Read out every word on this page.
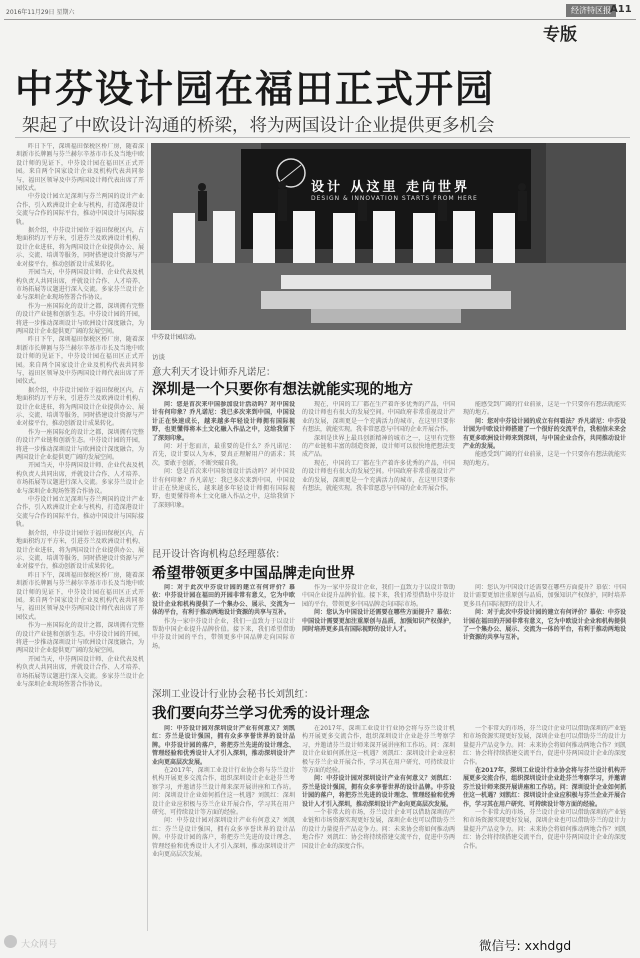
2016年11月29日 星期六	经济特区报 A11
专版
中芬设计园在福田正式开园
架起了中欧设计沟通的桥梁，将为两国设计企业提供更多机会

昨日下午，深圳福田保税区桥厂房，随着深圳新市长牌匾与芬兰赫尔辛基市市长及当地中欧设计师的见证下，中芬设计园在福田区正式开园。来自两个国家设计企业及机构代表共同参与，福田区领导及中芬两国设计师代表出席了开园仪式。

中芬设计园立足深圳与芬兰两国的设计产业合作，引入欧洲设计企业与机构，打造深港设计交流与合作的国际平台，推动中国设计与国际接轨。

据介绍，中芬设计园位于福田保税区内，占地面积约万平方米，引进芬兰及欧洲设计机构、设计企业进驻，将为两国设计企业提供办公、展示、交流、培训等服务，同时搭建设计资源与产业对接平台，推动创新设计成果转化。

开园当天，中芬两国设计师、企业代表及机构负责人共同出席，并就设计合作、人才培养、市场拓展等议题进行深入交流。多家芬兰设计企业与深圳企业现场签署合作协议。

作为一座国际化的设计之都，深圳拥有完整的设计产业链和创新生态。中芬设计园的开园，将进一步推动深圳设计与欧洲设计深度融合，为两国设计企业提供更广阔的发展空间。

昨日下午，深圳福田保税区桥厂房，随着深圳新市长牌匾与芬兰赫尔辛基市市长及当地中欧设计师的见证下，中芬设计园在福田区正式开园。来自两个国家设计企业及机构代表共同参与，福田区领导及中芬两国设计师代表出席了开园仪式。

据介绍，中芬设计园位于福田保税区内，占地面积约万平方米，引进芬兰及欧洲设计机构、设计企业进驻，将为两国设计企业提供办公、展示、交流、培训等服务，同时搭建设计资源与产业对接平台，推动创新设计成果转化。

作为一座国际化的设计之都，深圳拥有完整的设计产业链和创新生态。中芬设计园的开园，将进一步推动深圳设计与欧洲设计深度融合，为两国设计企业提供更广阔的发展空间。

开园当天，中芬两国设计师、企业代表及机构负责人共同出席，并就设计合作、人才培养、市场拓展等议题进行深入交流。多家芬兰设计企业与深圳企业现场签署合作协议。

中芬设计园立足深圳与芬兰两国的设计产业合作，引入欧洲设计企业与机构，打造深港设计交流与合作的国际平台，推动中国设计与国际接轨。

据介绍，中芬设计园位于福田保税区内，占地面积约万平方米，引进芬兰及欧洲设计机构、设计企业进驻，将为两国设计企业提供办公、展示、交流、培训等服务，同时搭建设计资源与产业对接平台，推动创新设计成果转化。

昨日下午，深圳福田保税区桥厂房，随着深圳新市长牌匾与芬兰赫尔辛基市市长及当地中欧设计师的见证下，中芬设计园在福田区正式开园。来自两个国家设计企业及机构代表共同参与，福田区领导及中芬两国设计师代表出席了开园仪式。

作为一座国际化的设计之都，深圳拥有完整的设计产业链和创新生态。中芬设计园的开园，将进一步推动深圳设计与欧洲设计深度融合，为两国设计企业提供更广阔的发展空间。

开园当天，中芬两国设计师、企业代表及机构负责人共同出席，并就设计合作、人才培养、市场拓展等议题进行深入交流。多家芬兰设计企业与深圳企业现场签署合作协议。

设计 从这里 走向世界
DESIGN & INNOVATION STARTS FROM HERE
中芬设计园启动。
访谈
意大利天才设计师乔凡诺尼：
深圳是一个只要你有想法就能实现的地方

问：您是首次来中国参加设计活动吗？对中国设计有何印象？乔凡诺尼：我已多次来到中国，中国设计正在快速成长，越来越多年轻设计师拥有国际视野，也更懂得将本土文化融入作品之中，这给我留下了深刻印象。

问：对于您而言，最重要的是什么？乔凡诺尼：首先，设计要以人为本，要真正理解用户的需求；其次，要敢于创新，不断突破自我。

问：您是首次来中国参加设计活动吗？对中国设计有何印象？乔凡诺尼：我已多次来到中国，中国设计正在快速成长，越来越多年轻设计师拥有国际视野，也更懂得将本土文化融入作品之中，这给我留下了深刻印象。

现在，中国的工厂都在生产着许多优秀的产品，中国的设计师也有很大的发展空间。中国政府非常重视设计产业的发展，深圳更是一个充满活力的城市，在这里只要你有想法，就能实现。我非常愿意与中国的企业开展合作。

深圳是世界上最具创新精神的城市之一，这里有完整的产业链和丰富的制造资源，设计师可以很快地把想法变成产品。

现在，中国的工厂都在生产着许多优秀的产品，中国的设计师也有很大的发展空间。中国政府非常重视设计产业的发展，深圳更是一个充满活力的城市，在这里只要你有想法，就能实现。我非常愿意与中国的企业开展合作。

能感受到广阔的行业前景，这是一个只要你有想法就能实现的地方。

问：您对中芬设计园的成立有何看法？乔凡诺尼：中芬设计园为中欧设计师搭建了一个很好的交流平台，我相信未来会有更多欧洲设计师来到深圳，与中国企业合作，共同推动设计产业的发展。

能感受到广阔的行业前景，这是一个只要你有想法就能实现的地方。

昆开设计咨询机构总经理慕依：
希望带领更多中国品牌走向世界

问：对于此次中芬设计园的建立有何评价？慕依：中芬设计园在福田的开园非常有意义，它为中欧设计企业和机构提供了一个集办公、展示、交流为一体的平台，有利于推动两地设计资源的共享与互补。

作为一家中芬设计企业，我们一直致力于以设计帮助中国企业提升品牌价值。接下来，我们希望借助中芬设计园的平台，带领更多中国品牌走向国际市场。

作为一家中芬设计企业，我们一直致力于以设计帮助中国企业提升品牌价值。接下来，我们希望借助中芬设计园的平台，带领更多中国品牌走向国际市场。

问：您认为中国设计还需要在哪些方面提升？慕依：中国设计需要更加注重原创与品质，加强知识产权保护，同时培养更多具有国际视野的设计人才。

问：您认为中国设计还需要在哪些方面提升？慕依：中国设计需要更加注重原创与品质，加强知识产权保护，同时培养更多具有国际视野的设计人才。

问：对于此次中芬设计园的建立有何评价？慕依：中芬设计园在福田的开园非常有意义，它为中欧设计企业和机构提供了一个集办公、展示、交流为一体的平台，有利于推动两地设计资源的共享与互补。

深圳工业设计行业协会秘书长刘凯红：
我们要向芬兰学习优秀的设计理念

问：中芬设计园对深圳设计产业有何意义？刘凯红：芬兰是设计强国，拥有众多享誉世界的设计品牌。中芬设计园的落户，将把芬兰先进的设计理念、管理经验和优秀设计人才引入深圳，推动深圳设计产业向更高层次发展。

在2017年，深圳工业设计行业协会将与芬兰设计机构开展更多交流合作，组织深圳设计企业赴芬兰考察学习，并邀请芬兰设计师来深开展讲座和工作坊。问：深圳设计企业如何抓住这一机遇？刘凯红：深圳设计企业应积极与芬兰企业开展合作，学习其在用户研究、可持续设计等方面的经验。

问：中芬设计园对深圳设计产业有何意义？刘凯红：芬兰是设计强国，拥有众多享誉世界的设计品牌。中芬设计园的落户，将把芬兰先进的设计理念、管理经验和优秀设计人才引入深圳，推动深圳设计产业向更高层次发展。

在2017年，深圳工业设计行业协会将与芬兰设计机构开展更多交流合作，组织深圳设计企业赴芬兰考察学习，并邀请芬兰设计师来深开展讲座和工作坊。问：深圳设计企业如何抓住这一机遇？刘凯红：深圳设计企业应积极与芬兰企业开展合作，学习其在用户研究、可持续设计等方面的经验。

问：中芬设计园对深圳设计产业有何意义？刘凯红：芬兰是设计强国，拥有众多享誉世界的设计品牌。中芬设计园的落户，将把芬兰先进的设计理念、管理经验和优秀设计人才引入深圳，推动深圳设计产业向更高层次发展。

一个非常大的市场，芬兰设计企业可以借助深圳的产业链和市场资源实现更好发展，深圳企业也可以借助芬兰的设计力量提升产品竞争力。问：未来协会将如何推动两地合作？刘凯红：协会将持续搭建交流平台，促进中芬两国设计企业的深度合作。

一个非常大的市场，芬兰设计企业可以借助深圳的产业链和市场资源实现更好发展，深圳企业也可以借助芬兰的设计力量提升产品竞争力。问：未来协会将如何推动两地合作？刘凯红：协会将持续搭建交流平台，促进中芬两国设计企业的深度合作。

在2017年，深圳工业设计行业协会将与芬兰设计机构开展更多交流合作，组织深圳设计企业赴芬兰考察学习，并邀请芬兰设计师来深开展讲座和工作坊。问：深圳设计企业如何抓住这一机遇？刘凯红：深圳设计企业应积极与芬兰企业开展合作，学习其在用户研究、可持续设计等方面的经验。

一个非常大的市场，芬兰设计企业可以借助深圳的产业链和市场资源实现更好发展，深圳企业也可以借助芬兰的设计力量提升产品竞争力。问：未来协会将如何推动两地合作？刘凯红：协会将持续搭建交流平台，促进中芬两国设计企业的深度合作。

大众网号	微信号: xxhdgd
